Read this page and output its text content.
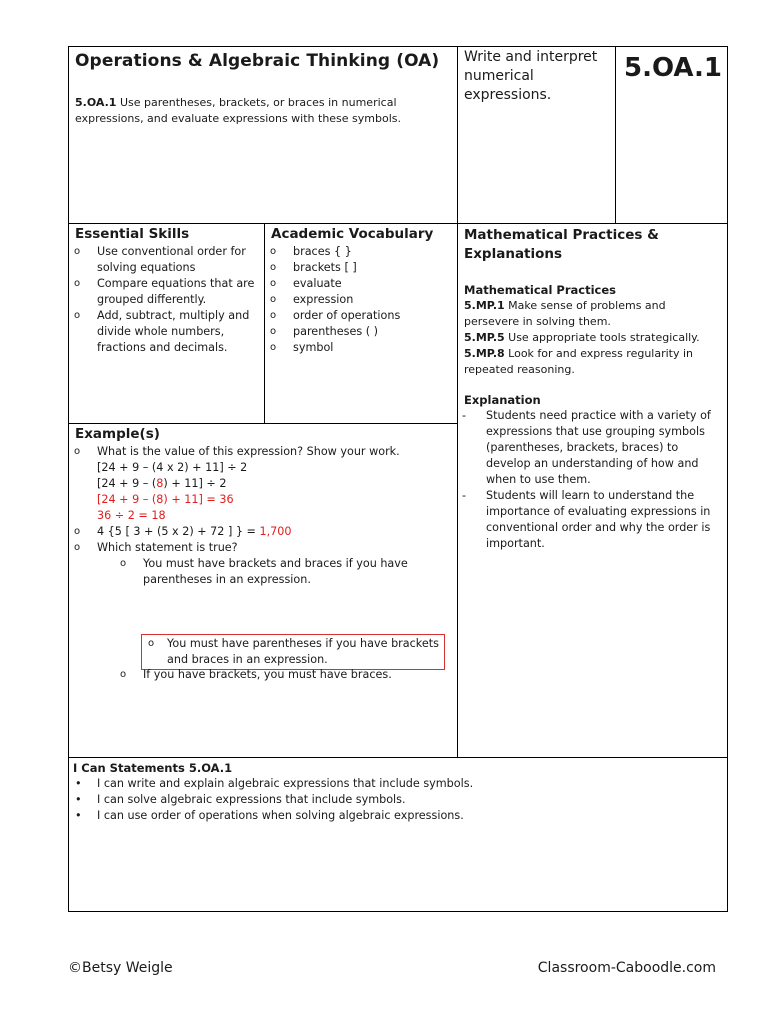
Operations & Algebraic Thinking (OA)
5.OA.1 Use parentheses, brackets, or braces in numerical expressions, and evaluate expressions with these symbols.
Write and interpret numerical expressions.
5.OA.1
Essential Skills
o Use conventional order for solving equations
o Compare equations that are grouped differently.
o Add, subtract, multiply and divide whole numbers, fractions and decimals.
Academic Vocabulary
o braces { }
o brackets [ ]
o evaluate
o expression
o order of operations
o parentheses ( )
o symbol
Mathematical Practices & Explanations
Mathematical Practices
5.MP.1 Make sense of problems and persevere in solving them.
5.MP.5 Use appropriate tools strategically.
5.MP.8 Look for and express regularity in repeated reasoning.
Explanation
- Students need practice with a variety of expressions that use grouping symbols (parentheses, brackets, braces) to develop an understanding of how and when to use them.
- Students will learn to understand the importance of evaluating expressions in conventional order and why the order is important.
Example(s)
o What is the value of this expression? Show your work.
[24 + 9 – (4 x 2) + 11] ÷ 2
[24 + 9 – (8) + 11] ÷ 2
[24 + 9 – (8) + 11] = 36
36 ÷ 2 = 18
o 4 {5 [ 3 + (5 x 2) + 72 ] } = 1,700
o Which statement is true?
o You must have brackets and braces if you have parentheses in an expression.
o You must have parentheses if you have brackets and braces in an expression.
o If you have brackets, you must have braces.
I Can Statements 5.OA.1
• I can write and explain algebraic expressions that include symbols.
• I can solve algebraic expressions that include symbols.
• I can use order of operations when solving algebraic expressions.
©Betsy Weigle	Classroom-Caboodle.com
